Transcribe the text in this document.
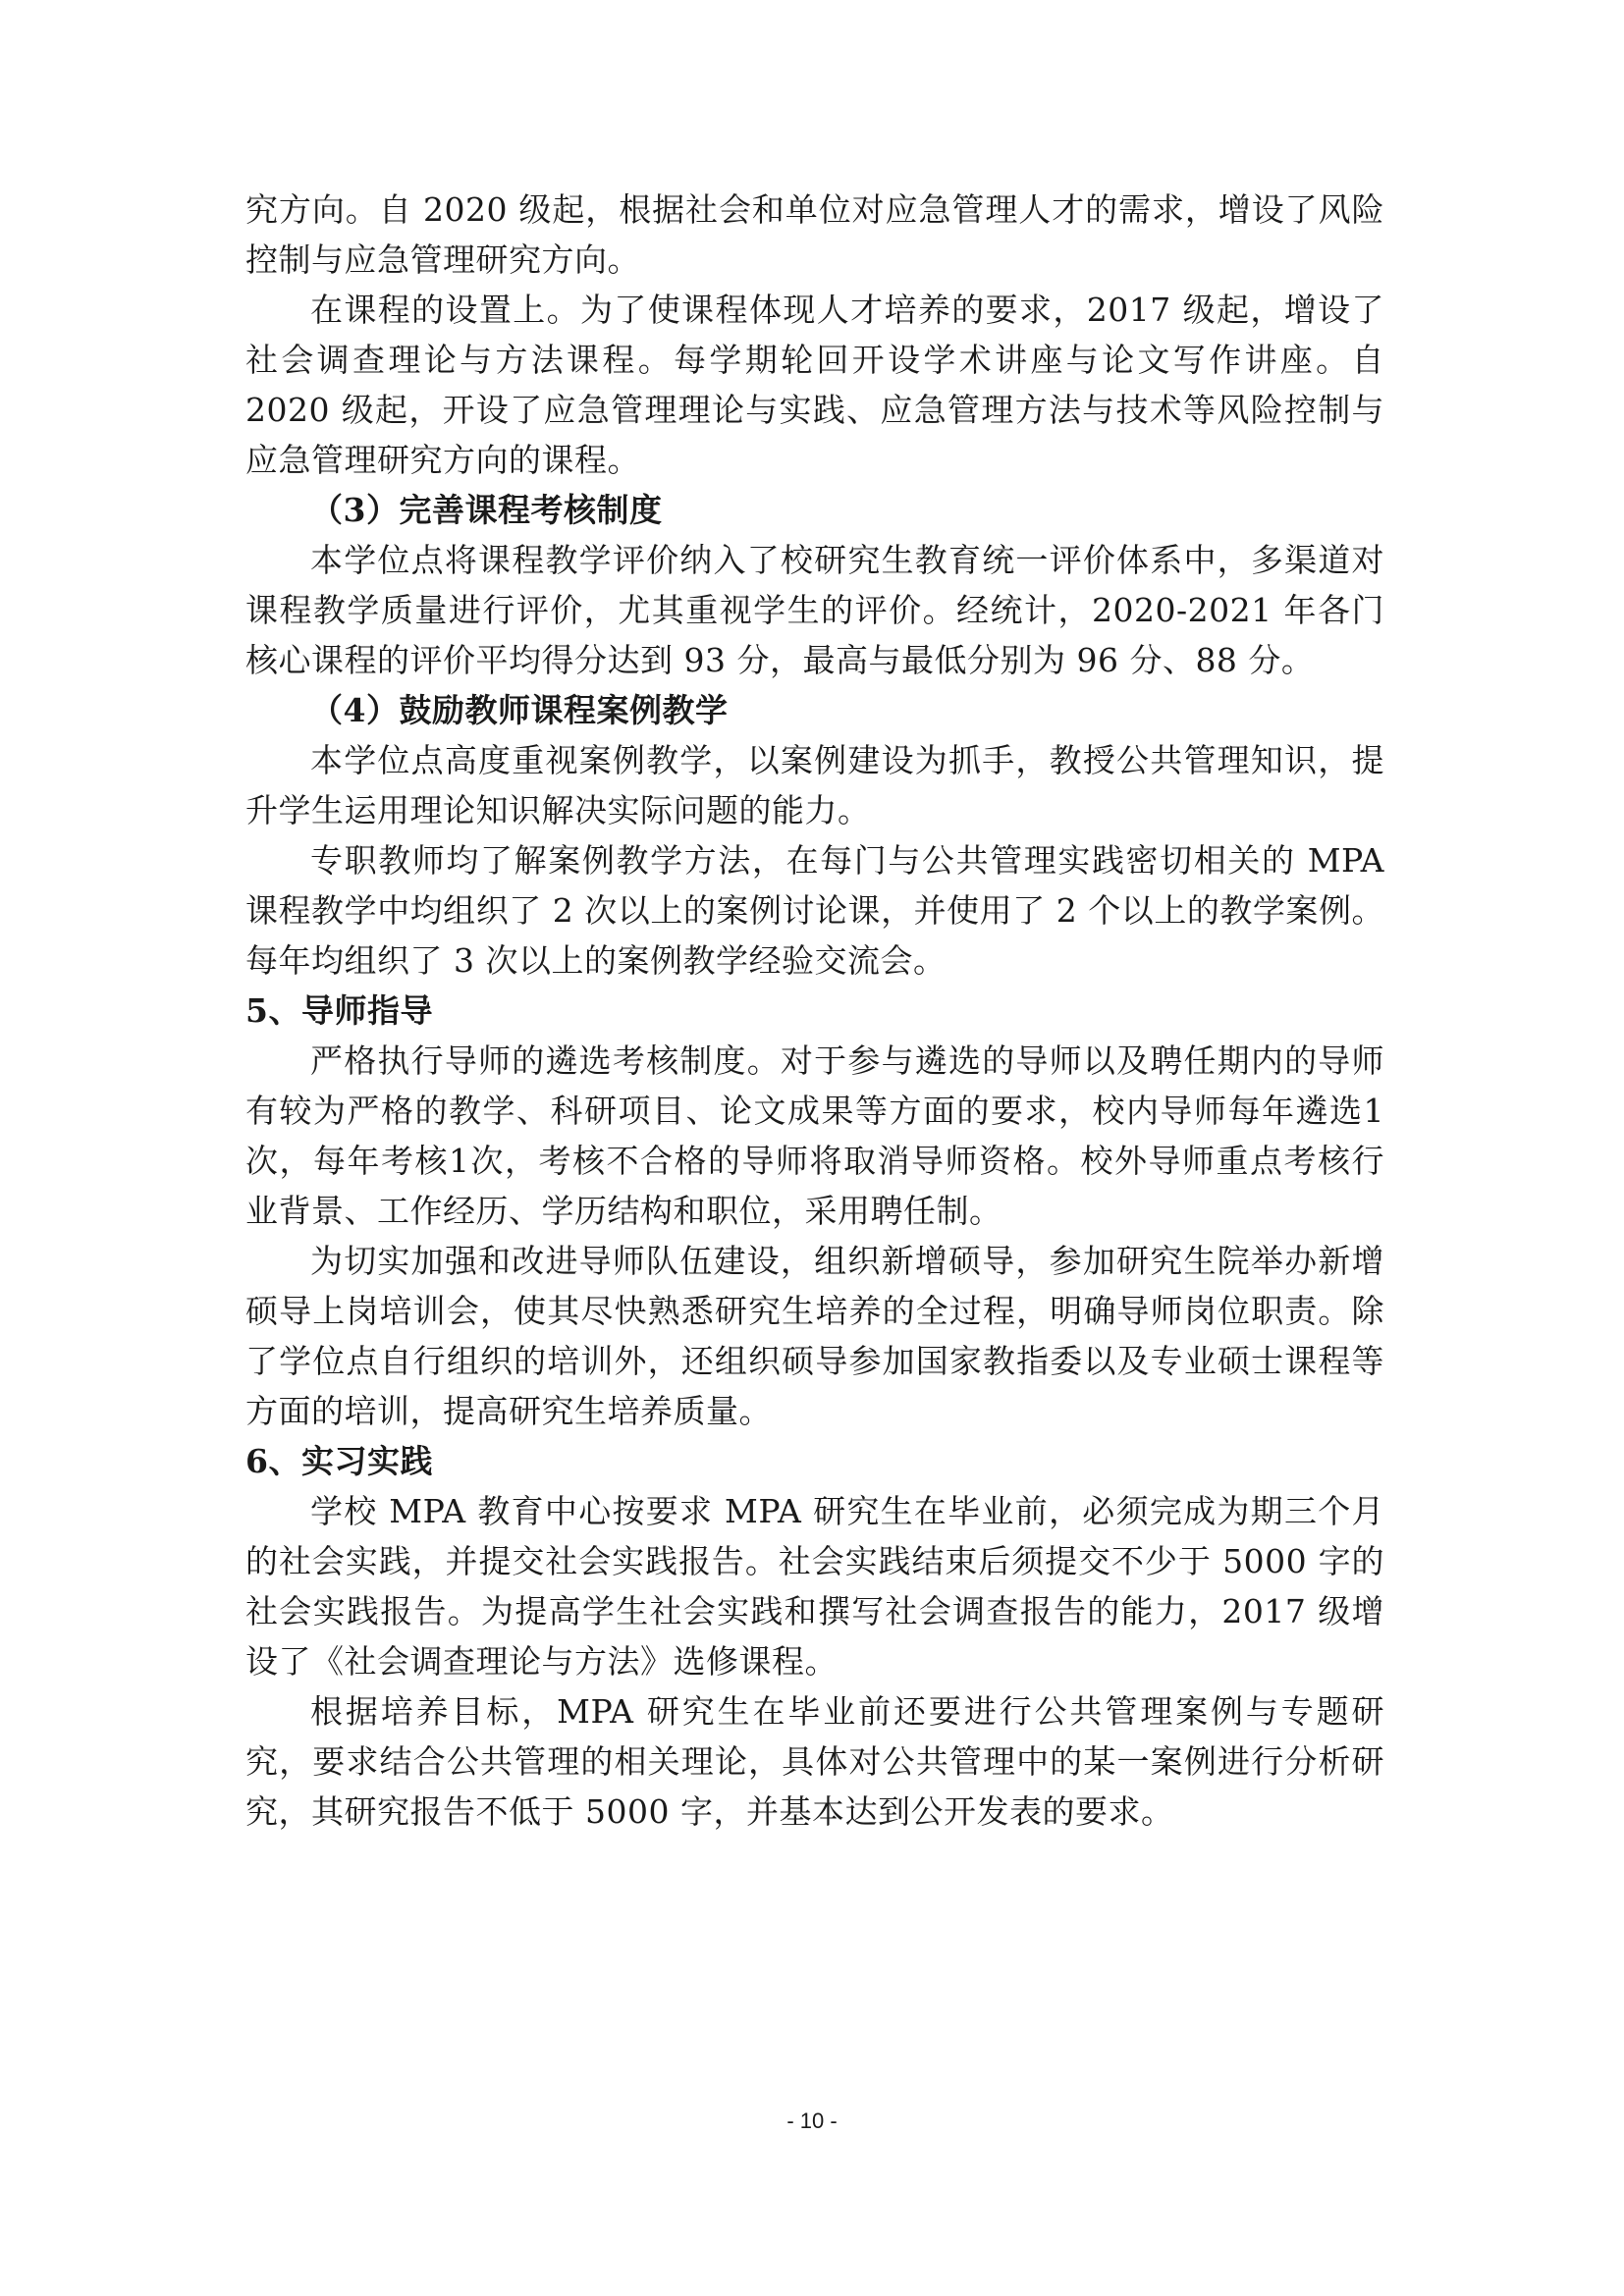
究方向。自 2020 级起，根据社会和单位对应急管理人才的需求，增设了风险控制与应急管理研究方向。

在课程的设置上。为了使课程体现人才培养的要求，2017 级起，增设了社会调查理论与方法课程。每学期轮回开设学术讲座与论文写作讲座。自 2020 级起，开设了应急管理理论与实践、应急管理方法与技术等风险控制与应急管理研究方向的课程。

（3）完善课程考核制度

本学位点将课程教学评价纳入了校研究生教育统一评价体系中，多渠道对课程教学质量进行评价，尤其重视学生的评价。经统计，2020-2021 年各门核心课程的评价平均得分达到 93 分，最高与最低分别为 96 分、88 分。

（4）鼓励教师课程案例教学

本学位点高度重视案例教学，以案例建设为抓手，教授公共管理知识，提升学生运用理论知识解决实际问题的能力。

专职教师均了解案例教学方法，在每门与公共管理实践密切相关的 MPA 课程教学中均组织了 2 次以上的案例讨论课，并使用了 2 个以上的教学案例。每年均组织了 3 次以上的案例教学经验交流会。

5、导师指导

严格执行导师的遴选考核制度。对于参与遴选的导师以及聘任期内的导师有较为严格的教学、科研项目、论文成果等方面的要求，校内导师每年遴选1次，每年考核1次，考核不合格的导师将取消导师资格。校外导师重点考核行业背景、工作经历、学历结构和职位，采用聘任制。

为切实加强和改进导师队伍建设，组织新增硕导，参加研究生院举办新增硕导上岗培训会，使其尽快熟悉研究生培养的全过程，明确导师岗位职责。除了学位点自行组织的培训外，还组织硕导参加国家教指委以及专业硕士课程等方面的培训，提高研究生培养质量。

6、实习实践

学校 MPA 教育中心按要求 MPA 研究生在毕业前，必须完成为期三个月的社会实践，并提交社会实践报告。社会实践结束后须提交不少于 5000 字的社会实践报告。为提高学生社会实践和撰写社会调查报告的能力，2017 级增设了《社会调查理论与方法》选修课程。

根据培养目标，MPA 研究生在毕业前还要进行公共管理案例与专题研究，要求结合公共管理的相关理论，具体对公共管理中的某一案例进行分析研究，其研究报告不低于 5000 字，并基本达到公开发表的要求。

- 10 -
